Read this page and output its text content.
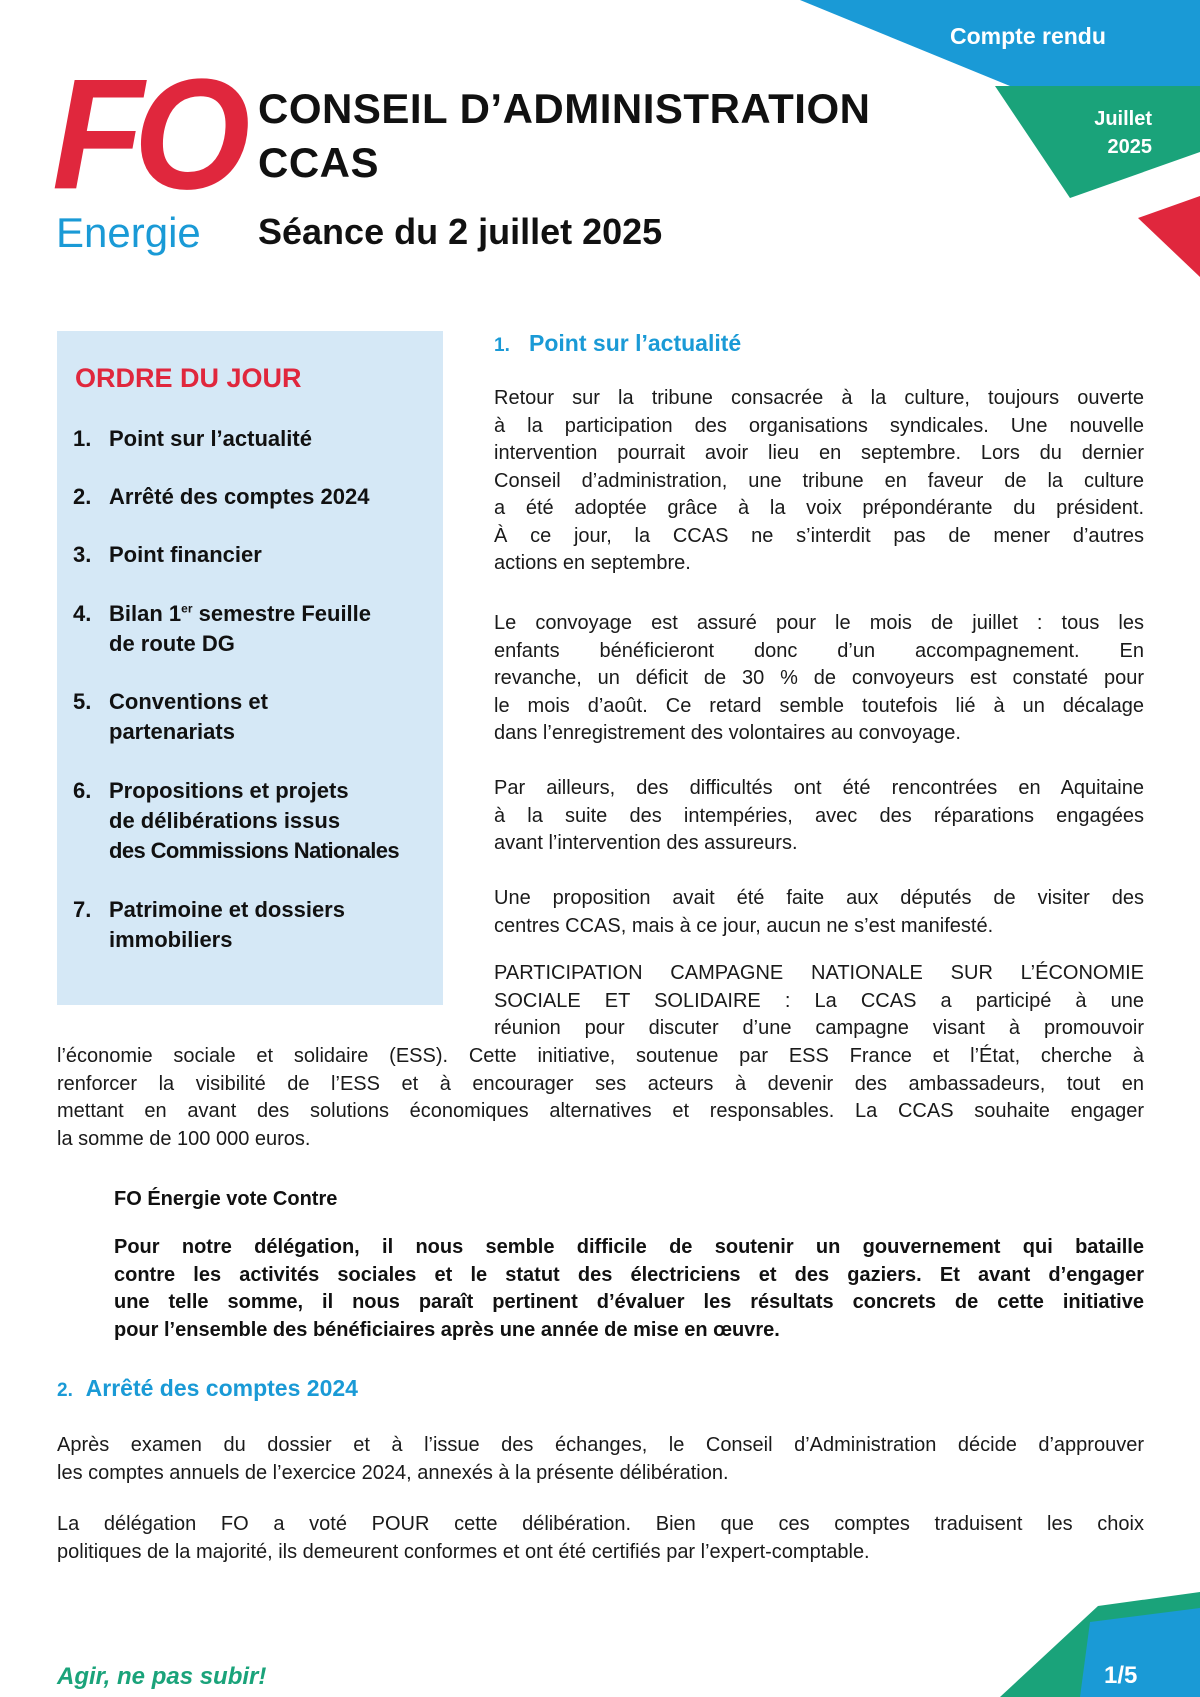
Compte rendu
Juillet
2025
FO
Energie
CONSEIL D’ADMINISTRATION
CCAS
Séance du 2 juillet 2025
ORDRE DU JOUR
1. Point sur l’actualité
2. Arrêté des comptes 2024
3. Point financier
4. Bilan 1er semestre Feuille
de route DG
5. Conventions et
partenariats
6. Propositions et projets
de délibérations issus
des Commissions Nationales
7. Patrimoine et dossiers
immobiliers
1. Point sur l’actualité
Retour sur la tribune consacrée à la culture, toujours ouverte
à la participation des organisations syndicales. Une nouvelle
intervention pourrait avoir lieu en septembre. Lors du dernier
Conseil d’administration, une tribune en faveur de la culture
a été adoptée grâce à la voix prépondérante du président.
À ce jour, la CCAS ne s’interdit pas de mener d’autres
actions en septembre.
Le convoyage est assuré pour le mois de juillet : tous les
enfants bénéficieront donc d’un accompagnement. En
revanche, un déficit de 30 % de convoyeurs est constaté pour
le mois d’août. Ce retard semble toutefois lié à un décalage
dans l’enregistrement des volontaires au convoyage.
Par ailleurs, des difficultés ont été rencontrées en Aquitaine
à la suite des intempéries, avec des réparations engagées
avant l’intervention des assureurs.
Une proposition avait été faite aux députés de visiter des
centres CCAS, mais à ce jour, aucun ne s’est manifesté.
PARTICIPATION CAMPAGNE NATIONALE SUR L’ÉCONOMIE
SOCIALE ET SOLIDAIRE : La CCAS a participé à une
réunion pour discuter d’une campagne visant à promouvoir
l’économie sociale et solidaire (ESS). Cette initiative, soutenue par ESS France et l’État, cherche à
renforcer la visibilité de l’ESS et à encourager ses acteurs à devenir des ambassadeurs, tout en
mettant en avant des solutions économiques alternatives et responsables. La CCAS souhaite engager
la somme de 100 000 euros.
FO Énergie vote Contre
Pour notre délégation, il nous semble difficile de soutenir un gouvernement qui bataille
contre les activités sociales et le statut des électriciens et des gaziers. Et avant d’engager
une telle somme, il nous paraît pertinent d’évaluer les résultats concrets de cette initiative
pour l’ensemble des bénéficiaires après une année de mise en œuvre.
2. Arrêté des comptes 2024
Après examen du dossier et à l’issue des échanges, le Conseil d’Administration décide d’approuver
les comptes annuels de l’exercice 2024, annexés à la présente délibération.
La délégation FO a voté POUR cette délibération. Bien que ces comptes traduisent les choix
politiques de la majorité, ils demeurent conformes et ont été certifiés par l’expert-comptable.
Agir, ne pas subir!	1/5
